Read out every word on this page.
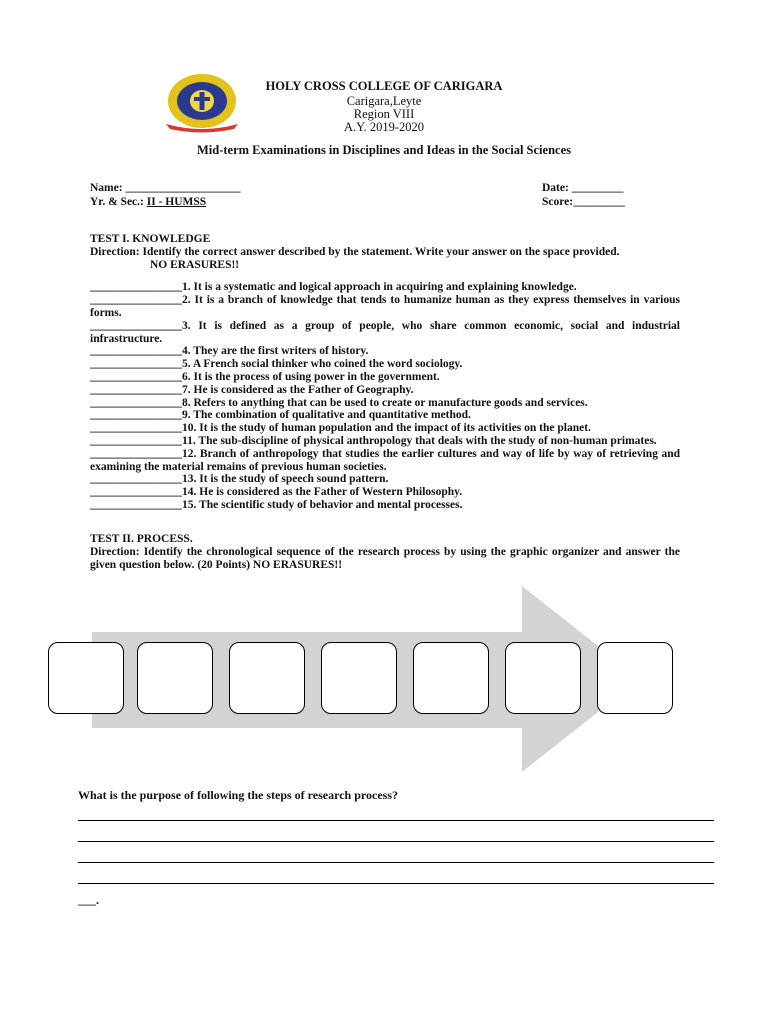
HOLY CROSS COLLEGE OF CARIGARA
Carigara,Leyte
Region VIII
A.Y. 2019-2020
Mid-term Examinations in Disciplines and Ideas in the Social Sciences
Name: ____________________
Yr. & Sec.: II - HUMSS
Date: _________
Score:_________
TEST I. KNOWLEDGE
Direction: Identify the correct answer described by the statement. Write your answer on the space provided.
NO ERASURES!!
________________1. It is a systematic and logical approach in acquiring and explaining knowledge.
________________2. It is a branch of knowledge that tends to humanize human as they express themselves in various forms.
________________3. It is defined as a group of people, who share common economic, social and industrial infrastructure.
________________4. They are the first writers of history.
________________5. A French social thinker who coined the word sociology.
________________6. It is the process of using power in the government.
________________7. He is considered as the Father of Geography.
________________8. Refers to anything that can be used to create or manufacture goods and services.
________________9. The combination of qualitative and quantitative method.
________________10. It is the study of human population and the impact of its activities on the planet.
________________11. The sub-discipline of physical anthropology that deals with the study of non-human primates.
________________12. Branch of anthropology that studies the earlier cultures and way of life by way of retrieving and examining the material remains of previous human societies.
________________13. It is the study of speech sound pattern.
________________14. He is considered as the Father of Western Philosophy.
________________15. The scientific study of behavior and mental processes.
TEST II. PROCESS.
Direction: Identify the chronological sequence of the research process by using the graphic organizer and answer the given question below. (20 Points) NO ERASURES!!
What is the purpose of following the steps of research process?
___.
